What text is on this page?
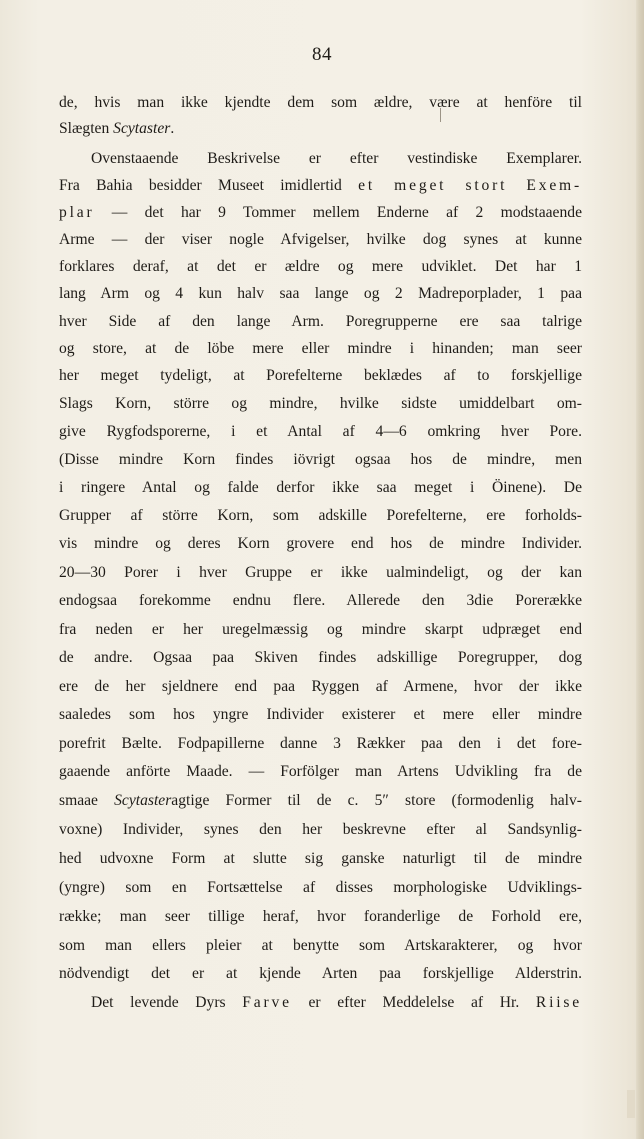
84
de, hvis man ikke kjendte dem som ældre, være at henföre til
Slægten Scytaster.
Ovenstaaende Beskrivelse er efter vestindiske Exemplarer.
Fra Bahia besidder Museet imidlertid et meget stort Exem-
plar — det har 9 Tommer mellem Enderne af 2 modstaaende
Arme — der viser nogle Afvigelser, hvilke dog synes at kunne
forklares deraf, at det er ældre og mere udviklet. Det har 1
lang Arm og 4 kun halv saa lange og 2 Madreporplader, 1 paa
hver Side af den lange Arm. Poregrupperne ere saa talrige
og store, at de löbe mere eller mindre i hinanden; man seer
her meget tydeligt, at Porefelterne beklædes af to forskjellige
Slags Korn, större og mindre, hvilke sidste umiddelbart om-
give Rygfodsporerne, i et Antal af 4—6 omkring hver Pore.
(Disse mindre Korn findes iövrigt ogsaa hos de mindre, men
i ringere Antal og falde derfor ikke saa meget i Öinene). De
Grupper af större Korn, som adskille Porefelterne, ere forholds-
vis mindre og deres Korn grovere end hos de mindre Individer.
20—30 Porer i hver Gruppe er ikke ualmindeligt, og der kan
endogsaa forekomme endnu flere. Allerede den 3die Porerække
fra neden er her uregelmæssig og mindre skarpt udpræget end
de andre. Ogsaa paa Skiven findes adskillige Poregrupper, dog
ere de her sjeldnere end paa Ryggen af Armene, hvor der ikke
saaledes som hos yngre Individer existerer et mere eller mindre
porefrit Bælte. Fodpapillerne danne 3 Rækker paa den i det fore-
gaaende anförte Maade. — Forfölger man Artens Udvikling fra de
smaae Scytasteragtige Former til de c. 5″ store (formodenlig halv-
voxne) Individer, synes den her beskrevne efter al Sandsynlig-
hed udvoxne Form at slutte sig ganske naturligt til de mindre
(yngre) som en Fortsættelse af disses morphologiske Udviklings-
række; man seer tillige heraf, hvor foranderlige de Forhold ere,
som man ellers pleier at benytte som Artskarakterer, og hvor
nödvendigt det er at kjende Arten paa forskjellige Alderstrin.
Det levende Dyrs Farve er efter Meddelelse af Hr. Riise
